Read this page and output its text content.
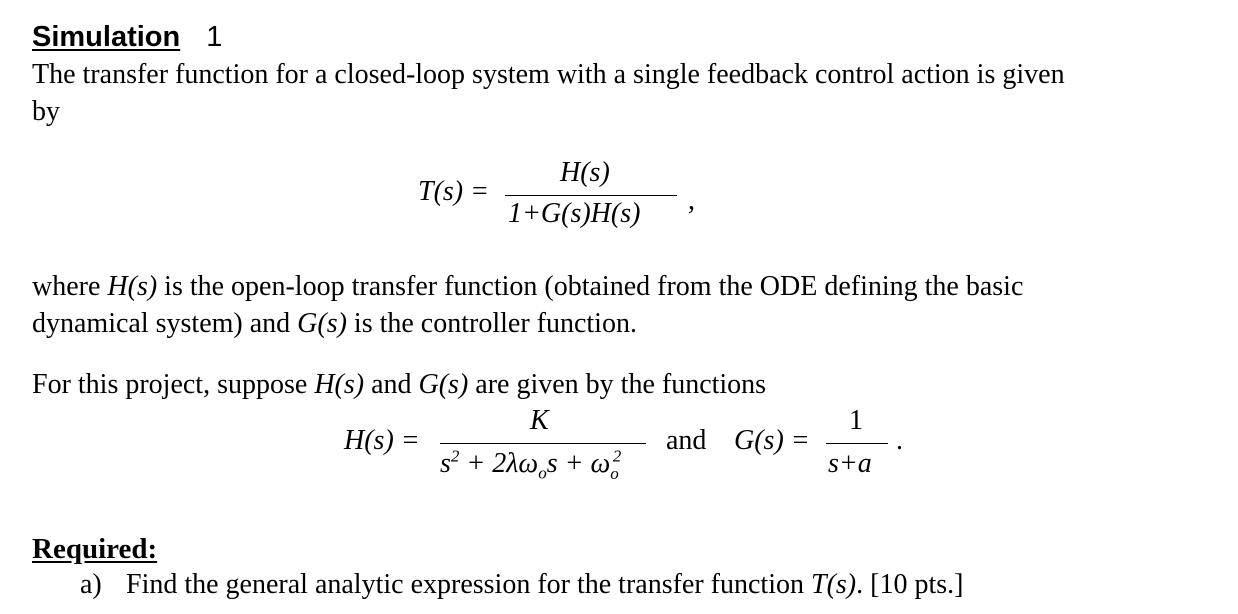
Simulation 1
The transfer function for a closed-loop system with a single feedback control action is given
by
T(s) =
H(s)
1+G(s)H(s) ,
where H(s) is the open-loop transfer function (obtained from the ODE defining the basic
dynamical system) and G(s) is the controller function.
For this project, suppose H(s) and G(s) are given by the functions
H(s) =
K
$s^2 + 2\lambda\omega_os + \omega_o^2$
and G(s) =
1
s+a
.
Required:
a) Find the general analytic expression for the transfer function T(s). [10 pts.]
